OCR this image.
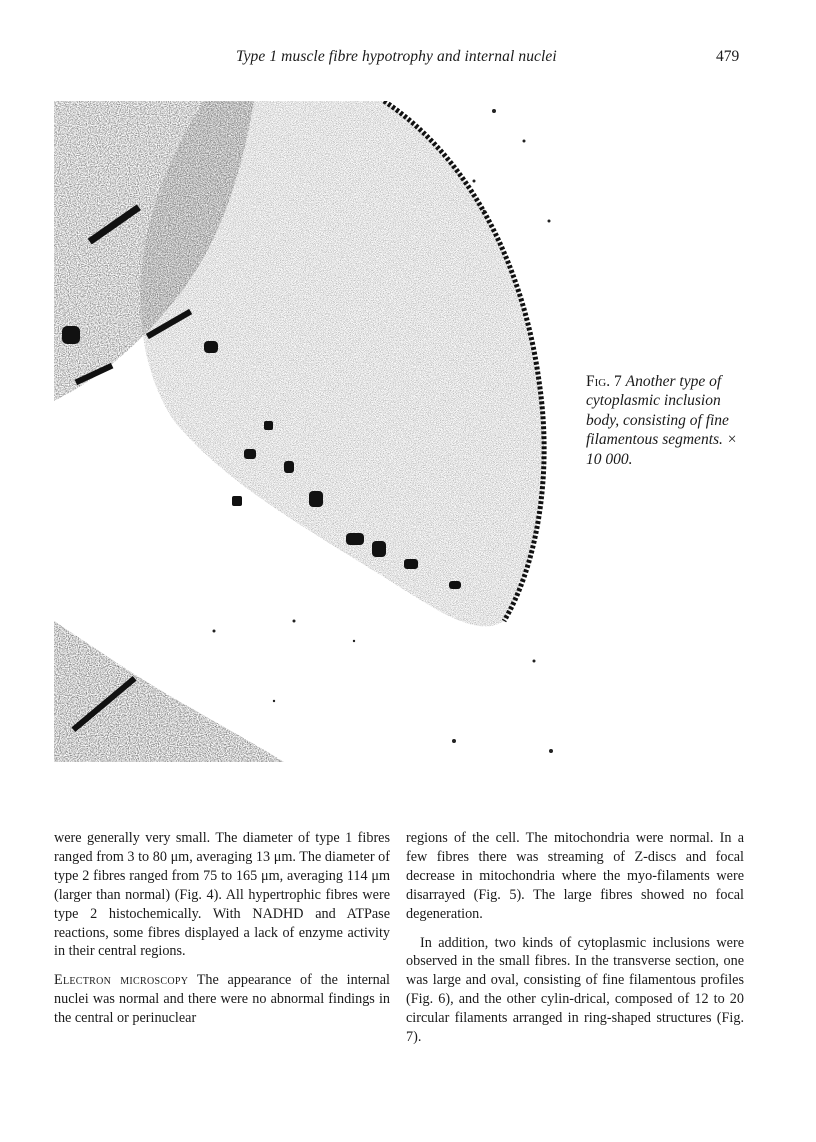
Type 1 muscle fibre hypotrophy and internal nuclei	479
Fig. 7 Another type of cytoplasmic inclusion body, consisting of fine filamentous segments. × 10 000.

were generally very small. The diameter of type 1 fibres ranged from 3 to 80 μm, averaging 13 μm. The diameter of type 2 fibres ranged from 75 to 165 μm, averaging 114 μm (larger than normal) (Fig. 4). All hypertrophic fibres were type 2 histochemically. With NADHD and ATPase reactions, some fibres displayed a lack of enzyme activity in their central regions.

Electron microscopy The appearance of the internal nuclei was normal and there were no abnormal findings in the central or perinuclear

regions of the cell. The mitochondria were normal. In a few fibres there was streaming of Z-discs and focal decrease in mitochondria where the myo-filaments were disarrayed (Fig. 5). The large fibres showed no focal degeneration.

In addition, two kinds of cytoplasmic inclusions were observed in the small fibres. In the transverse section, one was large and oval, consisting of fine filamentous profiles (Fig. 6), and the other cylin-drical, composed of 12 to 20 circular filaments arranged in ring-shaped structures (Fig. 7).
